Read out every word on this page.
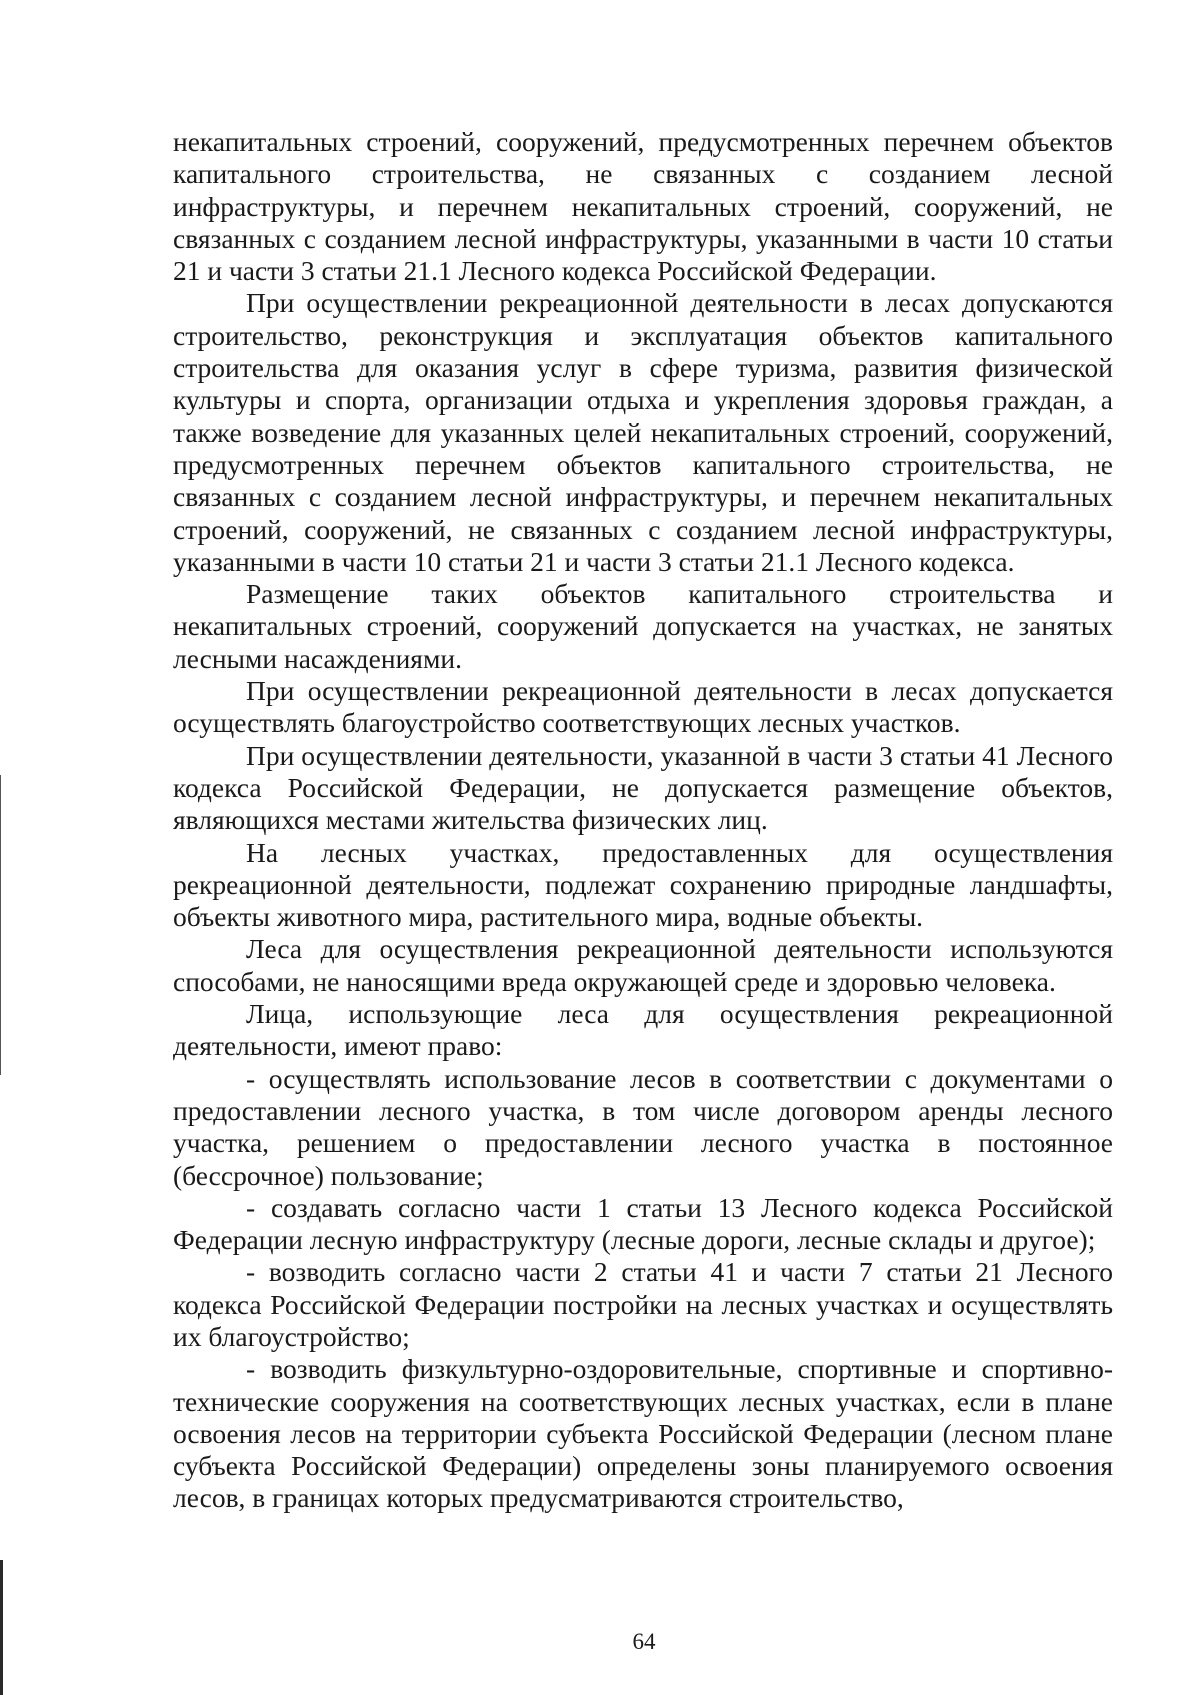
некапитальных строений, сооружений, предусмотренных перечнем объектов капитального строительства, не связанных с созданием лесной инфраструктуры, и перечнем некапитальных строений, сооружений, не связанных с созданием лесной инфраструктуры, указанными в части 10 статьи 21 и части 3 статьи 21.1 Лесного кодекса Российской Федерации.

При осуществлении рекреационной деятельности в лесах допускаются строительство, реконструкция и эксплуатация объектов капитального строительства для оказания услуг в сфере туризма, развития физической культуры и спорта, организации отдыха и укрепления здоровья граждан, а также возведение для указанных целей некапитальных строений, сооружений, предусмотренных перечнем объектов капитального строительства, не связанных с созданием лесной инфраструктуры, и перечнем некапитальных строений, сооружений, не связанных с созданием лесной инфраструктуры, указанными в части 10 статьи 21 и части 3 статьи 21.1 Лесного кодекса.

Размещение таких объектов капитального строительства и некапитальных строений, сооружений допускается на участках, не занятых лесными насаждениями.

При осуществлении рекреационной деятельности в лесах допускается осуществлять благоустройство соответствующих лесных участков.

При осуществлении деятельности, указанной в части 3 статьи 41 Лесного кодекса Российской Федерации, не допускается размещение объектов, являющихся местами жительства физических лиц.

На лесных участках, предоставленных для осуществления рекреационной деятельности, подлежат сохранению природные ландшафты, объекты животного мира, растительного мира, водные объекты.

Леса для осуществления рекреационной деятельности используются способами, не наносящими вреда окружающей среде и здоровью человека.

Лица, использующие леса для осуществления рекреационной деятельности, имеют право:

- осуществлять использование лесов в соответствии с документами о предоставлении лесного участка, в том числе договором аренды лесного участка, решением о предоставлении лесного участка в постоянное (бессрочное) пользование;

- создавать согласно части 1 статьи 13 Лесного кодекса Российской Федерации лесную инфраструктуру (лесные дороги, лесные склады и другое);

- возводить согласно части 2 статьи 41 и части 7 статьи 21 Лесного кодекса Российской Федерации постройки на лесных участках и осуществлять их благоустройство;

- возводить физкультурно-оздоровительные, спортивные и спортивно-технические сооружения на соответствующих лесных участках, если в плане освоения лесов на территории субъекта Российской Федерации (лесном плане субъекта Российской Федерации) определены зоны планируемого освоения лесов, в границах которых предусматриваются строительство,

64
